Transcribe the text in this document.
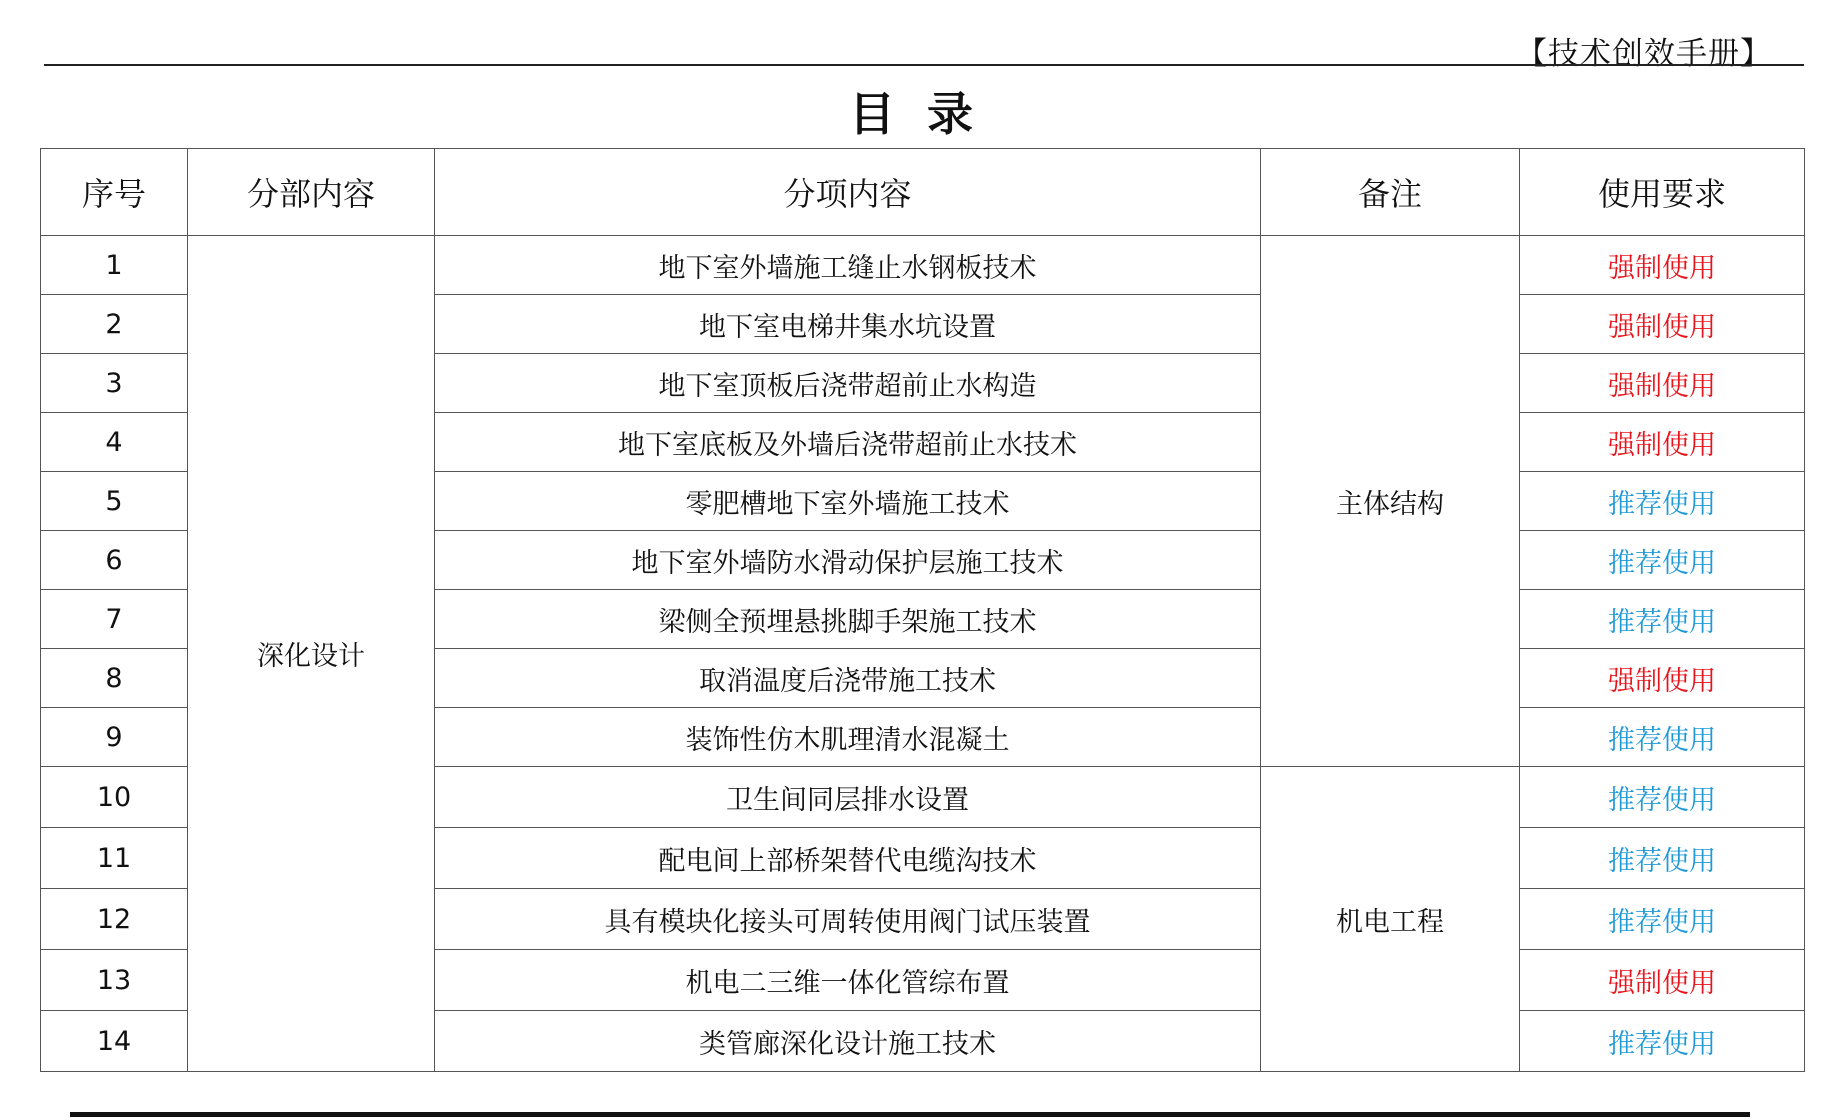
【技术创效手册】
目 录
序号	分部内容	分项内容	备注	使用要求
1	深化设计	地下室外墙施工缝止水钢板技术	主体结构	强制使用
2		地下室电梯井集水坑设置		强制使用
3		地下室顶板后浇带超前止水构造		强制使用
4		地下室底板及外墙后浇带超前止水技术		强制使用
5		零肥槽地下室外墙施工技术		推荐使用
6		地下室外墙防水滑动保护层施工技术		推荐使用
7		梁侧全预埋悬挑脚手架施工技术		推荐使用
8		取消温度后浇带施工技术		强制使用
9		装饰性仿木肌理清水混凝土		推荐使用
10		卫生间同层排水设置	机电工程	推荐使用
11		配电间上部桥架替代电缆沟技术		推荐使用
12		具有模块化接头可周转使用阀门试压装置		推荐使用
13		机电二三维一体化管综布置		强制使用
14		类管廊深化设计施工技术		推荐使用
